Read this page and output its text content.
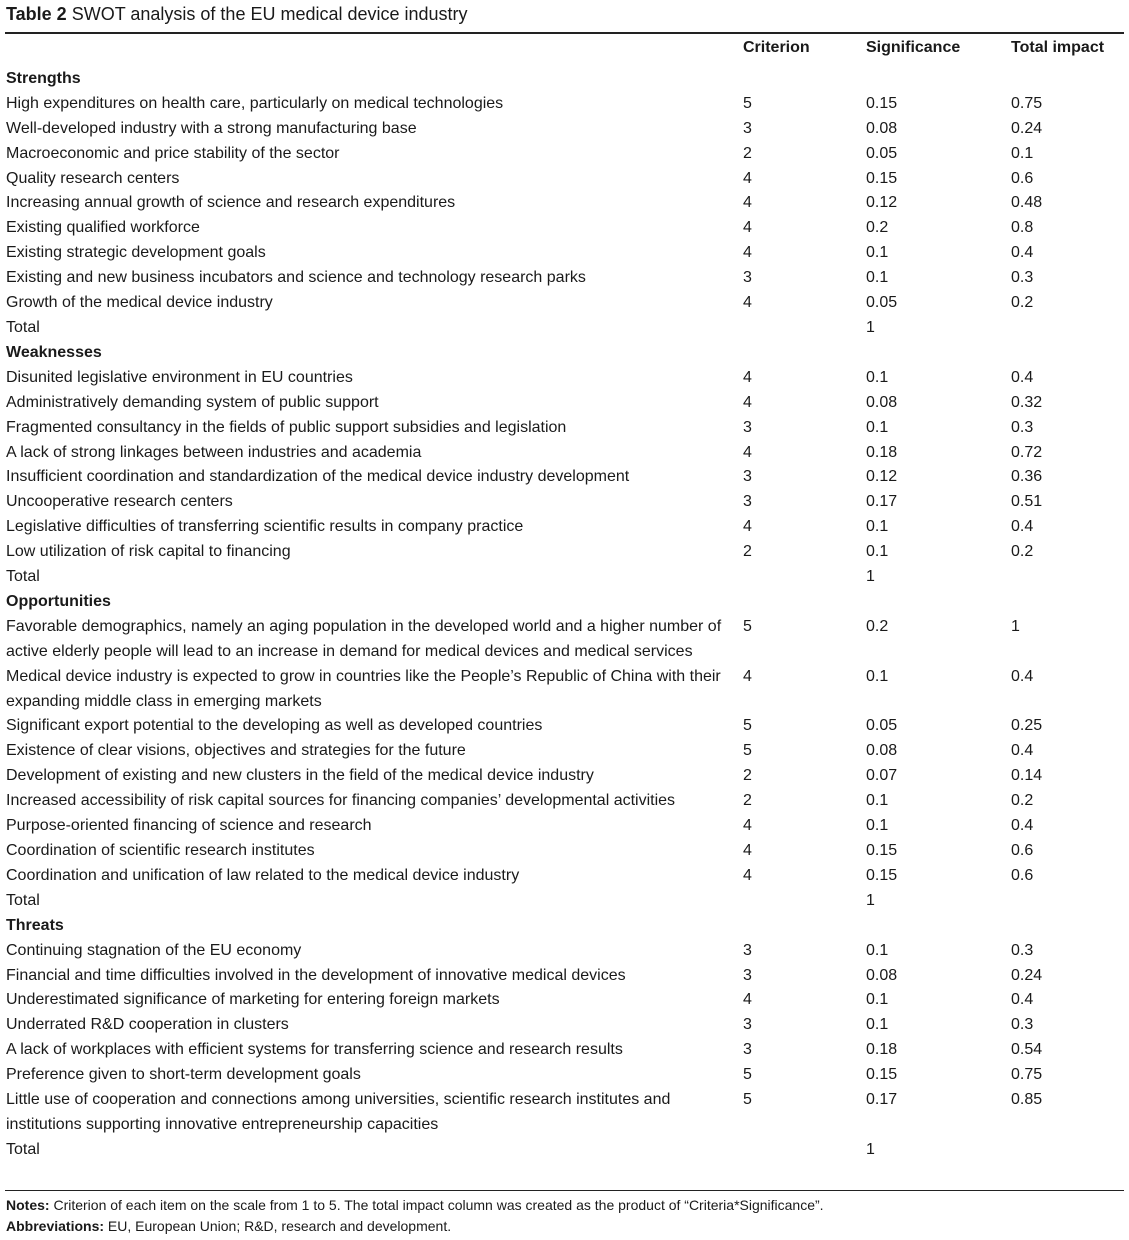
Table 2 SWOT analysis of the EU medical device industry
	Criterion	Significance	Total impact
Strengths			
High expenditures on health care, particularly on medical technologies	5	0.15	0.75
Well-developed industry with a strong manufacturing base	3	0.08	0.24
Macroeconomic and price stability of the sector	2	0.05	0.1
Quality research centers	4	0.15	0.6
Increasing annual growth of science and research expenditures	4	0.12	0.48
Existing qualified workforce	4	0.2	0.8
Existing strategic development goals	4	0.1	0.4
Existing and new business incubators and science and technology research parks	3	0.1	0.3
Growth of the medical device industry	4	0.05	0.2
Total		1	
Weaknesses			
Disunited legislative environment in EU countries	4	0.1	0.4
Administratively demanding system of public support	4	0.08	0.32
Fragmented consultancy in the fields of public support subsidies and legislation	3	0.1	0.3
A lack of strong linkages between industries and academia	4	0.18	0.72
Insufficient coordination and standardization of the medical device industry development	3	0.12	0.36
Uncooperative research centers	3	0.17	0.51
Legislative difficulties of transferring scientific results in company practice	4	0.1	0.4
Low utilization of risk capital to financing	2	0.1	0.2
Total		1	
Opportunities			
Favorable demographics, namely an aging population in the developed world and a higher number of active elderly people will lead to an increase in demand for medical devices and medical services	5	0.2	1
Medical device industry is expected to grow in countries like the People’s Republic of China with their expanding middle class in emerging markets	4	0.1	0.4
Significant export potential to the developing as well as developed countries	5	0.05	0.25
Existence of clear visions, objectives and strategies for the future	5	0.08	0.4
Development of existing and new clusters in the field of the medical device industry	2	0.07	0.14
Increased accessibility of risk capital sources for financing companies’ developmental activities	2	0.1	0.2
Purpose-oriented financing of science and research	4	0.1	0.4
Coordination of scientific research institutes	4	0.15	0.6
Coordination and unification of law related to the medical device industry	4	0.15	0.6
Total		1	
Threats			
Continuing stagnation of the EU economy	3	0.1	0.3
Financial and time difficulties involved in the development of innovative medical devices	3	0.08	0.24
Underestimated significance of marketing for entering foreign markets	4	0.1	0.4
Underrated R&D cooperation in clusters	3	0.1	0.3
A lack of workplaces with efficient systems for transferring science and research results	3	0.18	0.54
Preference given to short-term development goals	5	0.15	0.75
Little use of cooperation and connections among universities, scientific research institutes and institutions supporting innovative entrepreneurship capacities	5	0.17	0.85
Total		1	
Notes: Criterion of each item on the scale from 1 to 5. The total impact column was created as the product of “Criteria*Significance”.
Abbreviations: EU, European Union; R&D, research and development.
